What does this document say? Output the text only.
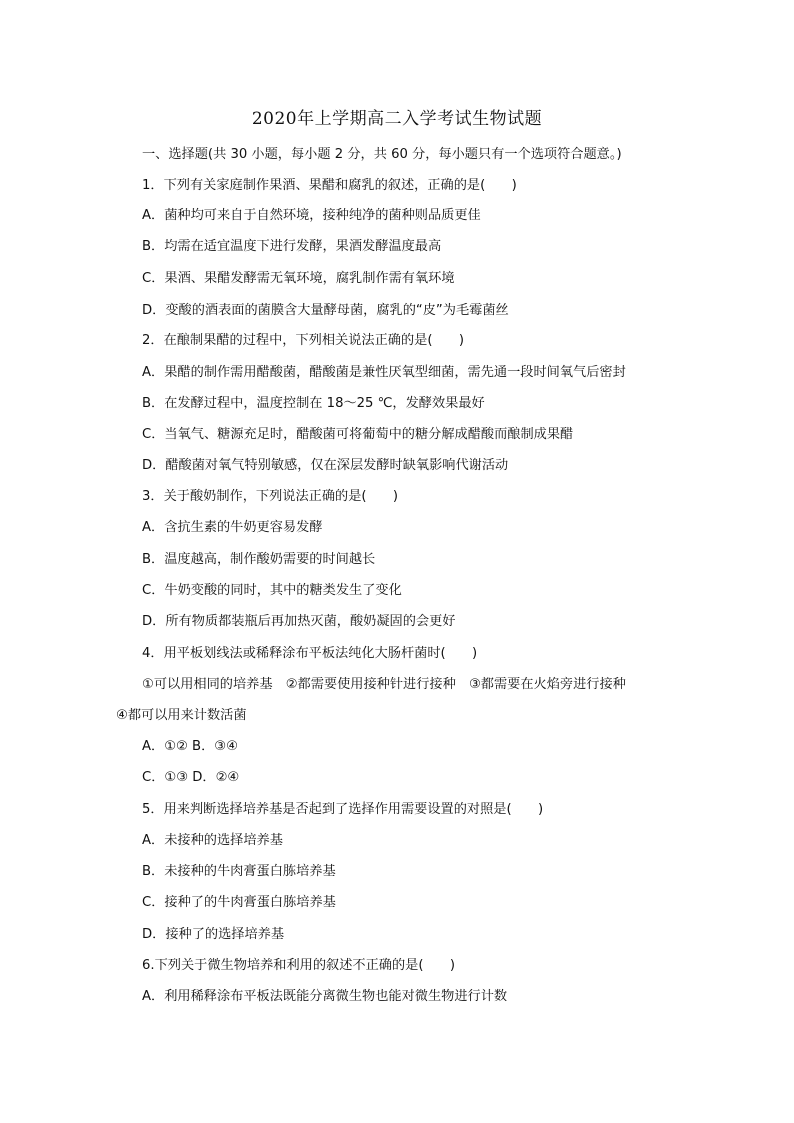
2020年上学期高二入学考试生物试题
一、选择题(共 30 小题，每小题 2 分，共 60 分，每小题只有一个选项符合题意。)
1．下列有关家庭制作果酒、果醋和腐乳的叙述，正确的是(　　)
A．菌种均可来自于自然环境，接种纯净的菌种则品质更佳
B．均需在适宜温度下进行发酵，果酒发酵温度最高
C．果酒、果醋发酵需无氧环境，腐乳制作需有氧环境
D．变酸的酒表面的菌膜含大量酵母菌，腐乳的“皮”为毛霉菌丝
2．在酿制果醋的过程中，下列相关说法正确的是(　　)
A．果醋的制作需用醋酸菌，醋酸菌是兼性厌氧型细菌，需先通一段时间氧气后密封
B．在发酵过程中，温度控制在 18～25 ℃，发酵效果最好
C．当氧气、糖源充足时，醋酸菌可将葡萄中的糖分解成醋酸而酿制成果醋
D．醋酸菌对氧气特别敏感，仅在深层发酵时缺氧影响代谢活动
3．关于酸奶制作，下列说法正确的是(　　)
A．含抗生素的牛奶更容易发酵
B．温度越高，制作酸奶需要的时间越长
C．牛奶变酸的同时，其中的糖类发生了变化
D．所有物质都装瓶后再加热灭菌，酸奶凝固的会更好
4．用平板划线法或稀释涂布平板法纯化大肠杆菌时(　　)
①可以用相同的培养基　②都需要使用接种针进行接种　③都需要在火焰旁进行接种
④都可以用来计数活菌
A．①② B．③④
C．①③ D．②④
5．用来判断选择培养基是否起到了选择作用需要设置的对照是(　　)
A．未接种的选择培养基
B．未接种的牛肉膏蛋白胨培养基
C．接种了的牛肉膏蛋白胨培养基
D．接种了的选择培养基
6.下列关于微生物培养和利用的叙述不正确的是(　　)
A．利用稀释涂布平板法既能分离微生物也能对微生物进行计数
